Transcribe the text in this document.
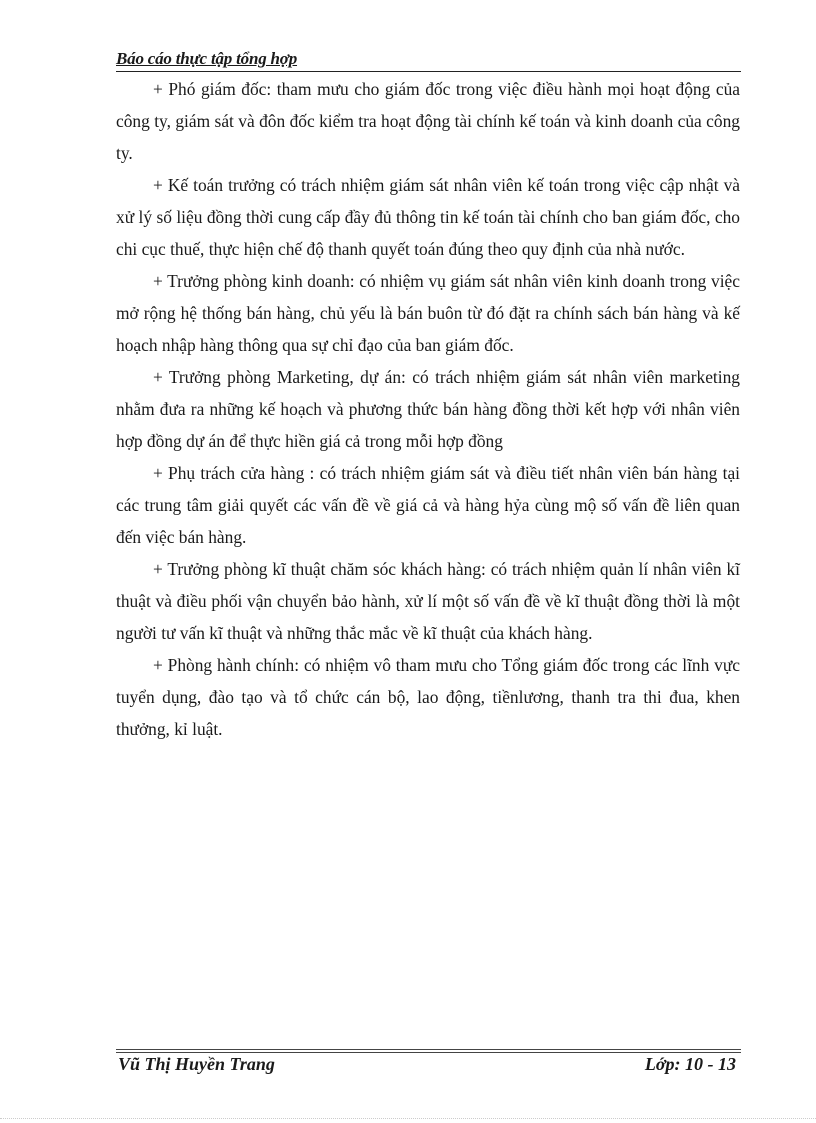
Báo cáo thực tập tổng hợp

+ Phó giám đốc: tham mưu cho giám đốc trong việc điều hành mọi hoạt động của công ty, giám sát và đôn đốc kiểm tra hoạt động tài chính kế toán và kinh doanh của công ty.

+ Kế toán trưởng có trách nhiệm giám sát nhân viên kế toán trong việc cập nhật và xử lý số liệu đồng thời cung cấp đầy đủ thông tin kế toán tài chính cho ban giám đốc, cho chi cục thuế, thực hiện chế độ thanh quyết toán đúng theo quy định của nhà nước.

+ Trưởng phòng kinh doanh: có nhiệm vụ giám sát nhân viên kinh doanh trong việc mở rộng hệ thống bán hàng, chủ yếu là bán buôn từ đó đặt ra chính sách bán hàng và kế hoạch nhập hàng thông qua sự chỉ đạo của ban giám đốc.

+ Trưởng phòng Marketing, dự án: có trách nhiệm giám sát nhân viên marketing nhằm đưa ra những kế hoạch và phương thức bán hàng đồng thời kết hợp với nhân viên hợp đồng dự án để thực hiền giá cả trong mỗi hợp đồng

+ Phụ trách cửa hàng : có trách nhiệm giám sát và điều tiết nhân viên bán hàng tại các trung tâm giải quyết các vấn đề về giá cả và hàng hỷa cùng mộ số vấn đề liên quan đến việc bán hàng.

+ Trưởng phòng kĩ thuật chăm sóc khách hàng: có trách nhiệm quản lí nhân viên kĩ thuật và điều phối vận chuyển bảo hành, xử lí một số vấn đề về kĩ thuật đồng thời là một người tư vấn kĩ thuật và những thắc mắc về kĩ thuật của khách hàng.

+ Phòng hành chính: có nhiệm vô tham mưu cho Tổng giám đốc trong các lĩnh vực tuyển dụng, đào tạo và tổ chức cán bộ, lao động, tiềnlương, thanh tra thi đua, khen thưởng, kỉ luật.

Vũ Thị Huyền Trang	Lớp: 10 - 13
